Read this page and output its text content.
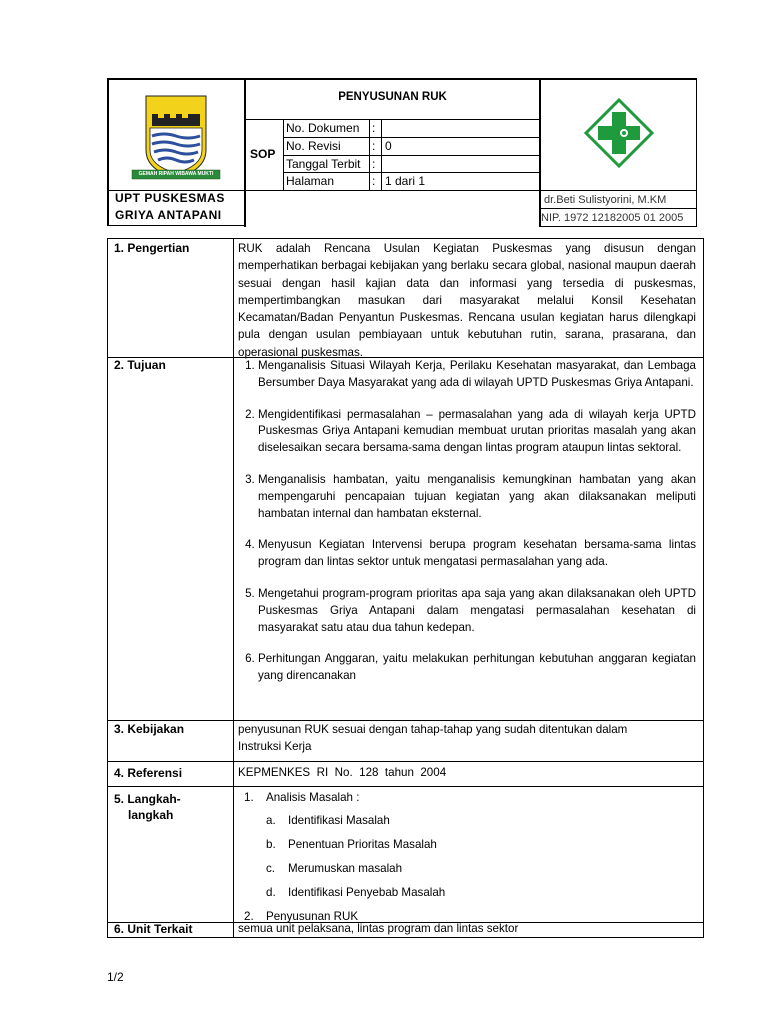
GEMAH RIPAH WIBAWA MUKTI
UPT PUSKESMAS GRIYA ANTAPANI
PENYUSUNAN RUK
SOP
No. Dokumen :
No. Revisi	: 0
Tanggal Terbit :
Halaman	: 1 dari 1
dr.Beti Sulistyorini, M.KM
NIP. 1972 12182005 01 2005
1. Pengertian	RUK adalah Rencana Usulan Kegiatan Puskesmas yang disusun dengan memperhatikan berbagai kebijakan yang berlaku secara global, nasional maupun daerah sesuai dengan hasil kajian data dan informasi yang tersedia di puskesmas, mempertimbangkan masukan dari masyarakat melalui Konsil Kesehatan Kecamatan/Badan Penyantun Puskesmas. Rencana usulan kegiatan harus dilengkapi pula dengan usulan pembiayaan untuk kebutuhan rutin, sarana, prasarana, dan operasional puskesmas.
2. Tujuan
1.	Menganalisis Situasi Wilayah Kerja, Perilaku Kesehatan masyarakat, dan Lembaga Bersumber Daya Masyarakat yang ada di wilayah UPTD Puskesmas Griya Antapani.
2. Mengidentifikasi permasalahan – permasalahan yang ada di wilayah kerja UPTD Puskesmas Griya Antapani kemudian membuat urutan prioritas masalah yang akan diselesaikan secara bersama-sama dengan lintas program ataupun lintas sektoral.
3. Menganalisis hambatan, yaitu menganalisis kemungkinan hambatan yang akan mempengaruhi pencapaian tujuan kegiatan yang akan dilaksanakan meliputi hambatan internal dan hambatan eksternal.
4. Menyusun Kegiatan Intervensi berupa program kesehatan bersama-sama lintas program dan lintas sektor untuk mengatasi permasalahan yang ada.
5. Mengetahui program-program prioritas apa saja yang akan dilaksanakan oleh UPTD Puskesmas Griya Antapani dalam mengatasi permasalahan kesehatan di masyarakat satu atau dua tahun kedepan.
6. Perhitungan Anggaran, yaitu melakukan perhitungan kebutuhan anggaran kegiatan yang direncanakan
3. Kebijakan	penyusunan RUK sesuai dengan tahap-tahap yang sudah ditentukan dalam Instruksi Kerja
4. Referensi	KEPMENKES  RI  No.  128  tahun  2004
5. Langkah-
langkah
1. Analisis Masalah :
a. Identifikasi Masalah
b. Penentuan Prioritas Masalah
c. Merumuskan masalah
d. Identifikasi Penyebab Masalah
2. Penyusunan RUK
6. Unit Terkait	semua unit pelaksana, lintas program dan lintas sektor
1/2
